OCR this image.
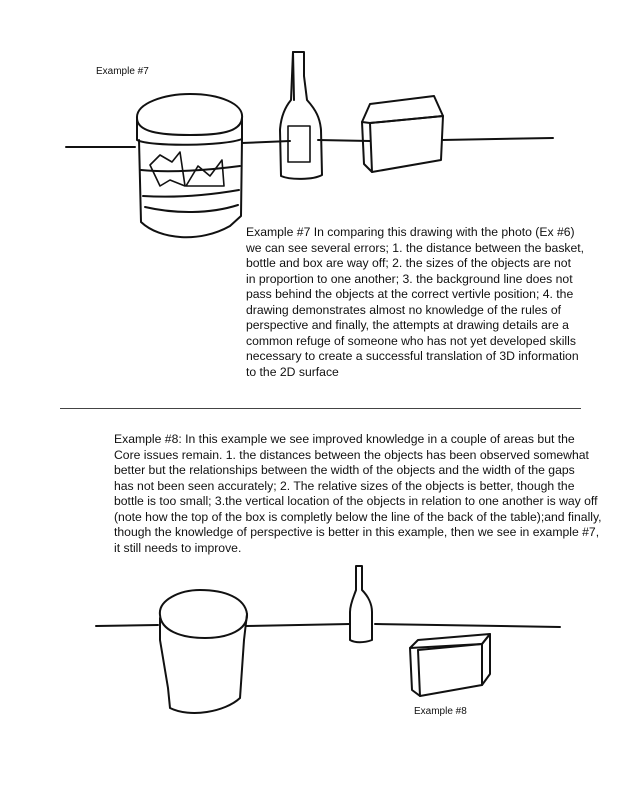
Example #7
Example #7 In comparing this drawing with the photo (Ex #6)
we can see several errors; 1. the distance between the basket,
bottle and box are way off; 2. the sizes of the objects are not
in proportion to one another; 3. the background line does not
pass behind the objects at the correct vertivle position; 4. the
drawing demonstrates almost no knowledge of the rules of
perspective and finally, the attempts at drawing details are a
common refuge of someone who has not yet developed skills
necessary to create a successful translation of 3D information
to the 2D surface
Example #8: In this example we see improved knowledge in a couple of areas but the
Core issues remain. 1. the distances between the objects has been observed somewhat
better but the relationships between the width of the objects and the width of the gaps
has not been seen accurately; 2. The relative sizes of the objects is better, though the
bottle is too small; 3.the vertical location of the objects in relation to one another is way off
(note how the top of the box is completly below the line of the back of the table);and finally,
though the knowledge of perspective is better in this example, then we see in example #7,
it still needs to improve.
Example #8
